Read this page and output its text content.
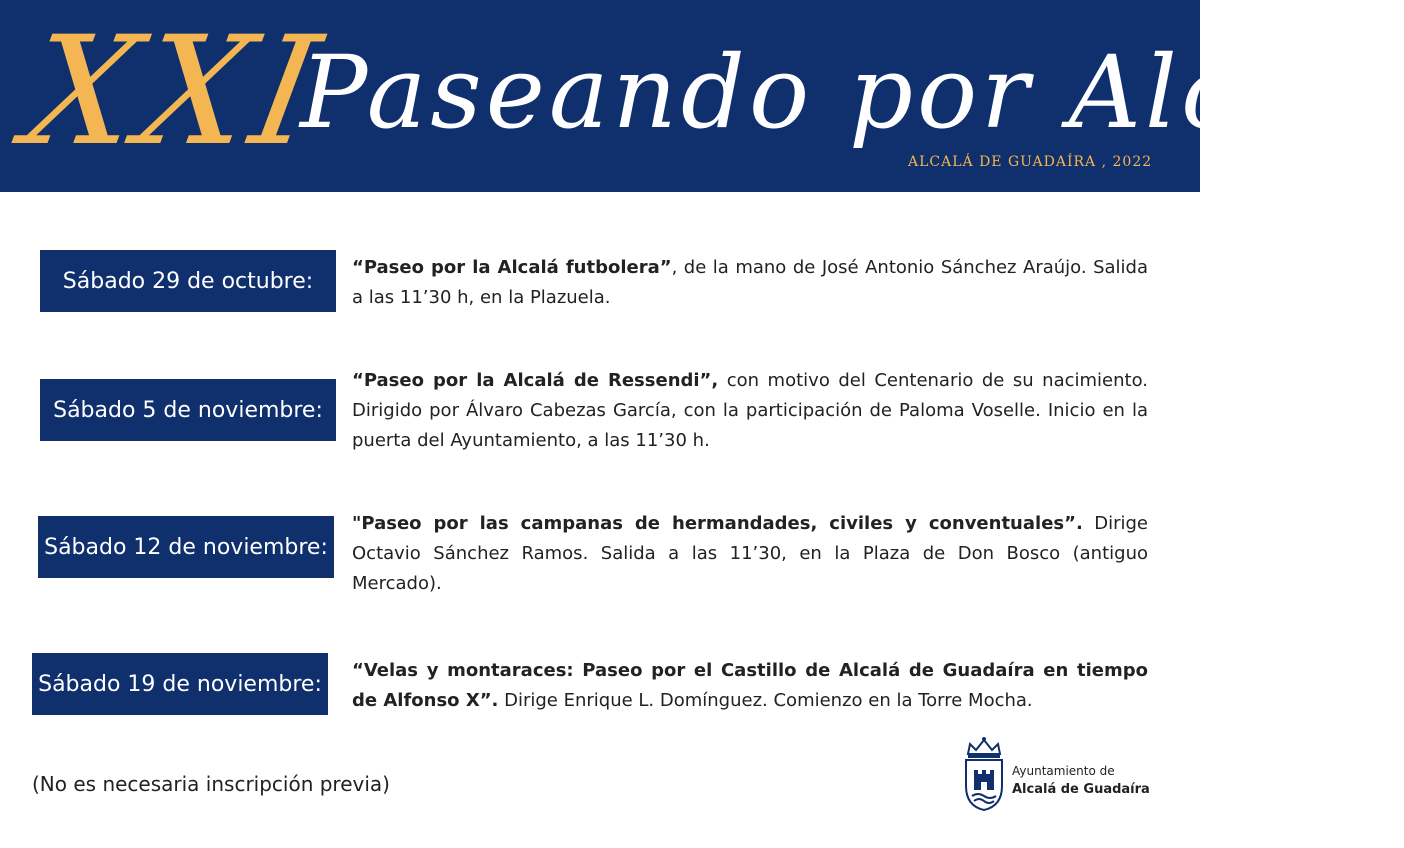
XXI
Paseando por Alcalá
ALCALÁ DE GUADAÍRA , 2022
Sábado 29 de octubre:
“Paseo por la Alcalá futbolera”, de la mano de José Antonio Sánchez Araújo. Salida a las 11’30 h, en la Plazuela.
Sábado 5 de noviembre:
“Paseo por la Alcalá de Ressendi”, con motivo del Centenario de su nacimiento. Dirigido por Álvaro Cabezas García, con la participación de Paloma Voselle. Inicio en la puerta del Ayuntamiento, a las 11’30 h.
Sábado 12 de noviembre:
"Paseo por las campanas de hermandades, civiles y conventuales”. Dirige Octavio Sánchez Ramos. Salida a las 11’30, en la Plaza de Don Bosco (antiguo Mercado).
Sábado 19 de noviembre:
“Velas y montaraces: Paseo por el Castillo de Alcalá de Guadaíra en tiempo de Alfonso X”. Dirige Enrique L. Domínguez. Comienzo en la Torre Mocha.
(No es necesaria inscripción previa)
Ayuntamiento de
Alcalá de Guadaíra
